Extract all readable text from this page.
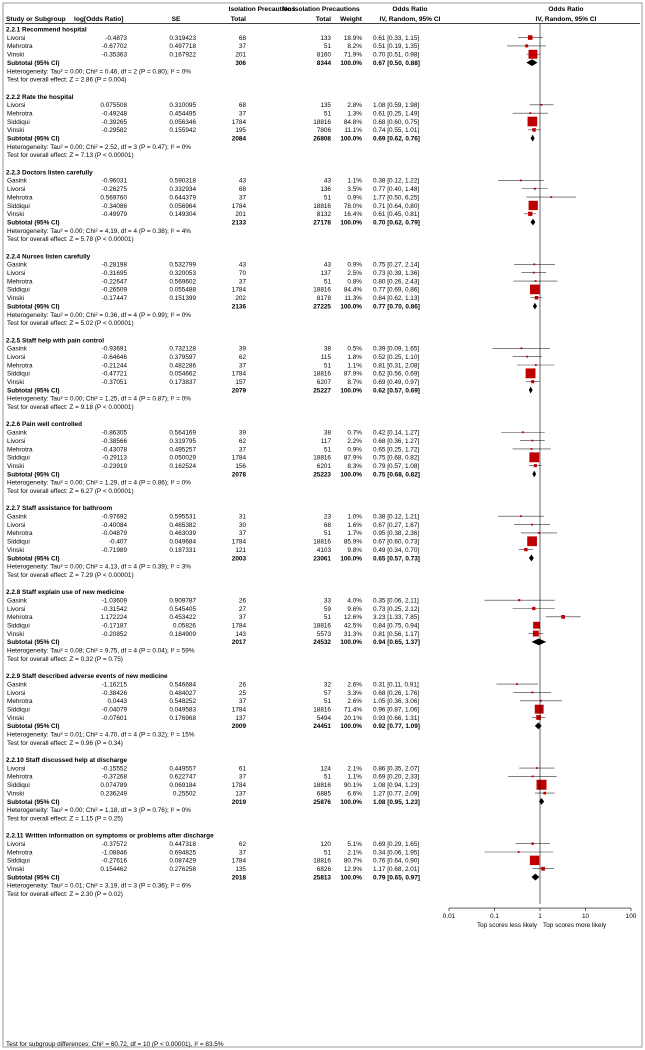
Isolation Precautions
No Isolation Precautions	Odds Ratio	Odds Ratio
Study or Subgroup log[Odds Ratio]	SE	Total	Total Weight	IV, Random, 95% CI	IV, Random, 95% CI
2.2.1 Recommend hospital
Livorsi	-0.4873	0.319423	68	133 18.9% 0.61 [0.33, 1.15]
Mehrotra	-0.67702	0.497718	37	51	8.2% 0.51 [0.19, 1.35]
Vinski	-0.35363	0.167922	201	8160 71.9% 0.70 [0.51, 0.98]
Subtotal (95% CI)	306	8344 100.0% 0.67 [0.50, 0.88]
Heterogeneity: Tau² = 0.00; Chi² = 0.46, df = 2 (P = 0.80); I² = 0%
Test for overall effect: Z = 2.86 (P = 0.004)
2.2.2 Rate the hospital
Livorsi	0.075508	0.310095	68	135	2.8% 1.08 [0.59, 1.98]
Mehrotra	-0.49248	0.454495	37	51	1.3% 0.61 [0.25, 1.49]
Siddiqui	-0.39265	0.056346	1784	18816 84.8% 0.68 [0.60, 0.75]
Vinski	-0.29582	0.155942	195	7806 11.1% 0.74 [0.55, 1.01]
Subtotal (95% CI)	2084	26808 100.0% 0.69 [0.62, 0.76]
Heterogeneity: Tau² = 0.00; Chi² = 2.52, df = 3 (P = 0.47); I² = 0%
Test for overall effect: Z = 7.13 (P < 0.00001)
2.2.3 Doctors listen carefully
Gasink	-0.96031	0.590318	43	43	1.1% 0.38 [0.12, 1.22]
Livorsi	-0.26275	0.332934	68	136	3.5% 0.77 [0.40, 1.48]
Mehrotra	0.569760	0.644379	37	51	0.9% 1.77 [0.50, 6.25]
Siddiqui	-0.34086	0.056964	1784	18816 78.0% 0.71 [0.64, 0.80]
Vinski	-0.49979	0.149304	201	8132 16.4% 0.61 [0.45, 0.81]
Subtotal (95% CI)	2133	27178 100.0% 0.70 [0.62, 0.79]
Heterogeneity: Tau² = 0.00; Chi² = 4.19, df = 4 (P = 0.38); I² = 4%
Test for overall effect: Z = 5.78 (P < 0.00001)
2.2.4 Nurses listen carefully
Gasink	-0.28198	0.532799	43	43	0.9% 0.75 [0.27, 2.14]
Livorsi	-0.31695	0.320053	70	137	2.5% 0.73 [0.39, 1.36]
Mehrotra	-0.22647	0.569602	37	51	0.8% 0.80 [0.26, 2.43]
Siddiqui	-0.26509	0.055488	1784	18816 84.4% 0.77 [0.69, 0.86]
Vinski	-0.17447	0.151399	202	8178 11.3% 0.84 [0.62, 1.13]
Subtotal (95% CI)	2136	27225 100.0% 0.77 [0.70, 0.86]
Heterogeneity: Tau² = 0.00; Chi² = 0.36, df = 4 (P = 0.99); I² = 0%
Test for overall effect: Z = 5.02 (P < 0.00001)
2.2.5 Staff help with pain control
Gasink	-0.93691	0.732128	39	38	0.5% 0.39 [0.09, 1.65]
Livorsi	-0.64646	0.379597	62	115	1.8% 0.52 [0.25, 1.10]
Mehrotra	-0.21244	0.482286	37	51	1.1% 0.81 [0.31, 2.08]
Siddiqui	-0.47721	0.054662	1784	18816 87.9% 0.62 [0.56, 0.69]
Vinski	-0.37051	0.173837	157	6207	8.7% 0.69 [0.49, 0.97]
Subtotal (95% CI)	2079	25227 100.0% 0.62 [0.57, 0.69]
Heterogeneity: Tau² = 0.00; Chi² = 1.25, df = 4 (P = 0.87); I² = 0%
Test for overall effect: Z = 9.18 (P < 0.00001)
2.2.6 Pain well controlled
Gasink	-0.86305	0.564169	39	38	0.7% 0.42 [0.14, 1.27]
Livorsi	-0.38566	0.319795	62	117	2.2% 0.68 [0.36, 1.27]
Mehrotra	-0.43078	0.495257	37	51	0.9% 0.65 [0.25, 1.72]
Siddiqui	-0.29113	0.050029	1784	18816 87.9% 0.75 [0.68, 0.82]
Vinski	-0.23919	0.162524	156	6201	8.3% 0.79 [0.57, 1.08]
Subtotal (95% CI)	2078	25223 100.0% 0.75 [0.68, 0.82]
Heterogeneity: Tau² = 0.00; Chi² = 1.29, df = 4 (P = 0.86); I² = 0%
Test for overall effect: Z = 6.27 (P < 0.00001)
2.2.7 Staff assistance for bathroom
Gasink	-0.97692	0.595531	31	23	1.0% 0.38 [0.12, 1.21]
Livorsi	-0.40084	0.465382	30	68	1.6% 0.67 [0.27, 1.67]
Mehrotra	-0.04879	0.463039	37	51	1.7% 0.95 [0.38, 2.36]
Siddiqui	-0.407	0.049684	1784	18816 85.9% 0.67 [0.60, 0.73]
Vinski	-0.71989	0.187331	121	4103	9.8% 0.49 [0.34, 0.70]
Subtotal (95% CI)	2003	23061 100.0% 0.65 [0.57, 0.73]
Heterogeneity: Tau² = 0.00; Chi² = 4.13, df = 4 (P = 0.39); I² = 3%
Test for overall effect: Z = 7.29 (P < 0.00001)
2.2.8 Staff explain use of new medicine
Gasink	-1.03609	0.909787	26	33	4.0% 0.35 [0.06, 2.11]
Livorsi	-0.31542	0.545405	27	59	9.6% 0.73 [0.25, 2.12]
Mehrotra	1.172224	0.453422	37	51 12.6% 3.23 [1.33, 7.85]
Siddiqui	-0.17187	0.05826	1784	18816 42.5% 0.84 [0.75, 0.94]
Vinski	-0.20852	0.184909	143	5573 31.3% 0.81 [0.56, 1.17]
Subtotal (95% CI)	2017	24532 100.0% 0.94 [0.65, 1.37]
Heterogeneity: Tau² = 0.08; Chi² = 9.75, df = 4 (P = 0.04); I² = 59%
Test for overall effect: Z = 0.32 (P = 0.75)
2.2.9 Staff described adverse events of new medicine
Gasink	-1.16215	0.546684	26	32	2.6% 0.31 [0.11, 0.91]
Livorsi	-0.38426	0.484027	25	57	3.3% 0.68 [0.26, 1.76]
Mehrotra	0.0443	0.548252	37	51	2.6% 1.05 [0.36, 3.06]
Siddiqui	-0.04079	0.049583	1784	18816 71.4% 0.96 [0.87, 1.06]
Vinski	-0.07601	0.176968	137	5494 20.1% 0.93 [0.66, 1.31]
Subtotal (95% CI)	2009	24451 100.0% 0.92 [0.77, 1.09]
Heterogeneity: Tau² = 0.01; Chi² = 4.70, df = 4 (P = 0.32); I² = 15%
Test for overall effect: Z = 0.96 (P = 0.34)
2.2.10 Staff discussed help at discharge
Livorsi	-0.15552	0.449557	61	124	2.1% 0.86 [0.35, 2.07]
Mehrotra	-0.37268	0.622747	37	51	1.1% 0.69 [0.20, 2.33]
Siddiqui	0.074789	0.069184	1784	18816 90.1% 1.08 [0.94, 1.23]
Vinski	0.236249	0.25502	137	6885	6.6% 1.27 [0.77, 2.09]
Subtotal (95% CI)	2019	25876 100.0% 1.08 [0.95, 1.23]
Heterogeneity: Tau² = 0.00; Chi² = 1.18, df = 3 (P = 0.76); I² = 0%
Test for overall effect: Z = 1.15 (P = 0.25)
2.2.11 Written information on symptoms or problems after discharge
Livorsi	-0.37572	0.447318	62	120	5.1% 0.69 [0.29, 1.65]
Mehrotra	-1.08846	0.694825	37	51	2.1% 0.34 [0.06, 1.95]
Siddiqui	-0.27616	0.087429	1784	18816 80.7% 0.76 [0.64, 0.90]
Vinski	0.154462	0.276258	135	6826 12.9% 1.17 [0.68, 2.01]
Subtotal (95% CI)	2018	25813 100.0% 0.79 [0.65, 0.97]
Heterogeneity: Tau² = 0.01; Chi² = 3.19, df = 3 (P = 0.36); I² = 6%
Test for overall effect: Z = 2.30 (P = 0.02)
0.01	0.1	1	10	100
Top scores less likely Top scores more likely
Test for subgroup differences: Chi² = 60.72, df = 10 (P < 0.00001), I² = 83.5%
